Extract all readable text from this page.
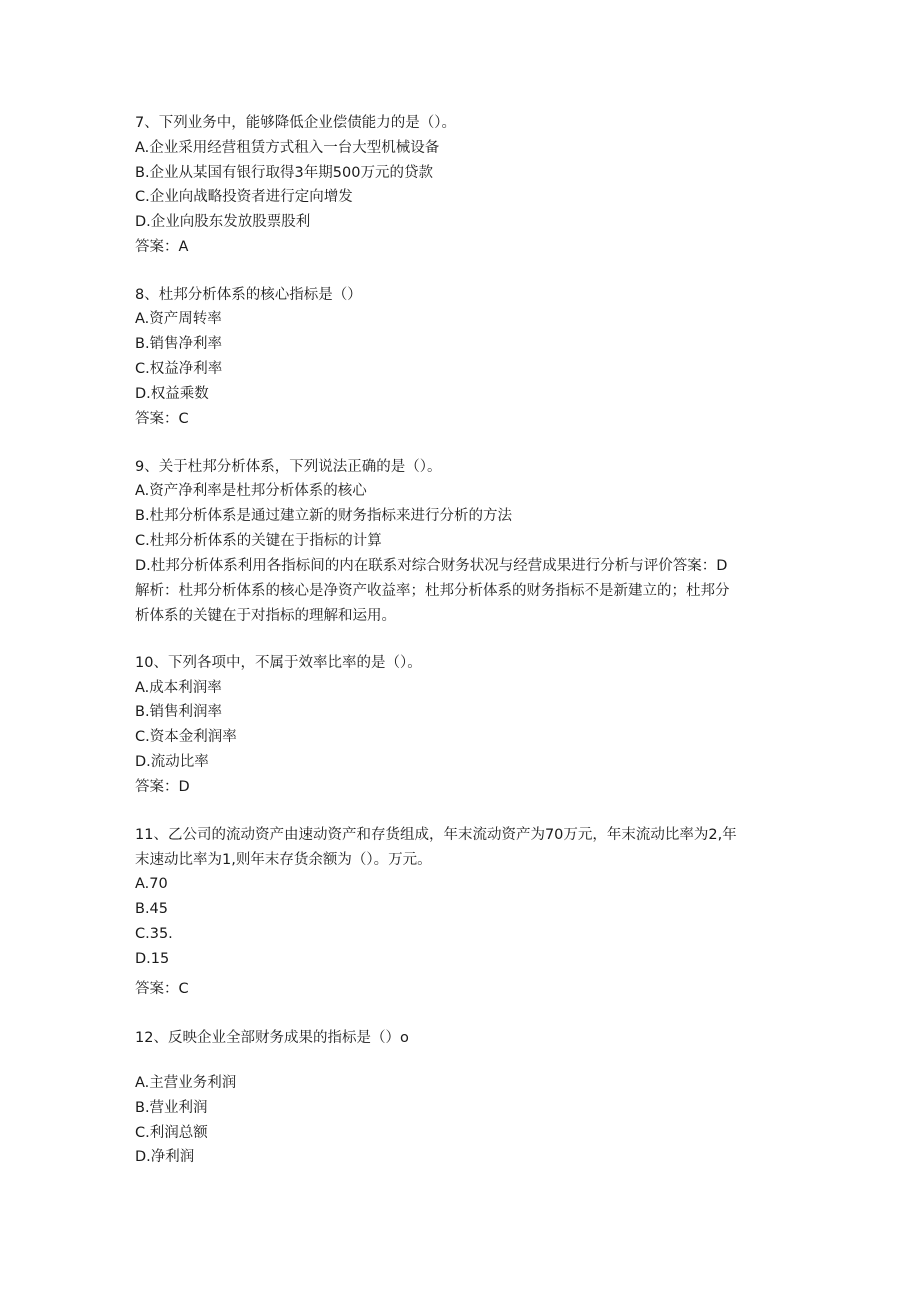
7、下列业务中，能够降低企业偿债能力的是（）。
A.企业采用经营租赁方式租入一台大型机械设备
B.企业从某国有银行取得3年期500万元的贷款
C.企业向战略投资者进行定向增发
D.企业向股东发放股票股利
答案：A
8、杜邦分析体系的核心指标是（）
A.资产周转率
B.销售净利率
C.权益净利率
D.权益乘数
答案：C
9、关于杜邦分析体系，下列说法正确的是（）。
A.资产净利率是杜邦分析体系的核心
B.杜邦分析体系是通过建立新的财务指标来进行分析的方法
C.杜邦分析体系的关键在于指标的计算
D.杜邦分析体系利用各指标间的内在联系对综合财务状况与经营成果进行分析与评价答案：D
解析：杜邦分析体系的核心是净资产收益率；杜邦分析体系的财务指标不是新建立的；杜邦分
析体系的关键在于对指标的理解和运用。
10、下列各项中，不属于效率比率的是（）。
A.成本利润率
B.销售利润率
C.资本金利润率
D.流动比率
答案：D
11、乙公司的流动资产由速动资产和存货组成，年末流动资产为70万元，年末流动比率为2,年
末速动比率为1,则年末存货余额为（）。万元。
A.70
B.45
C.35.
D.15
答案：C
12、反映企业全部财务成果的指标是（）o
A.主营业务利润
B.营业利润
C.利润总额
D.净利润
